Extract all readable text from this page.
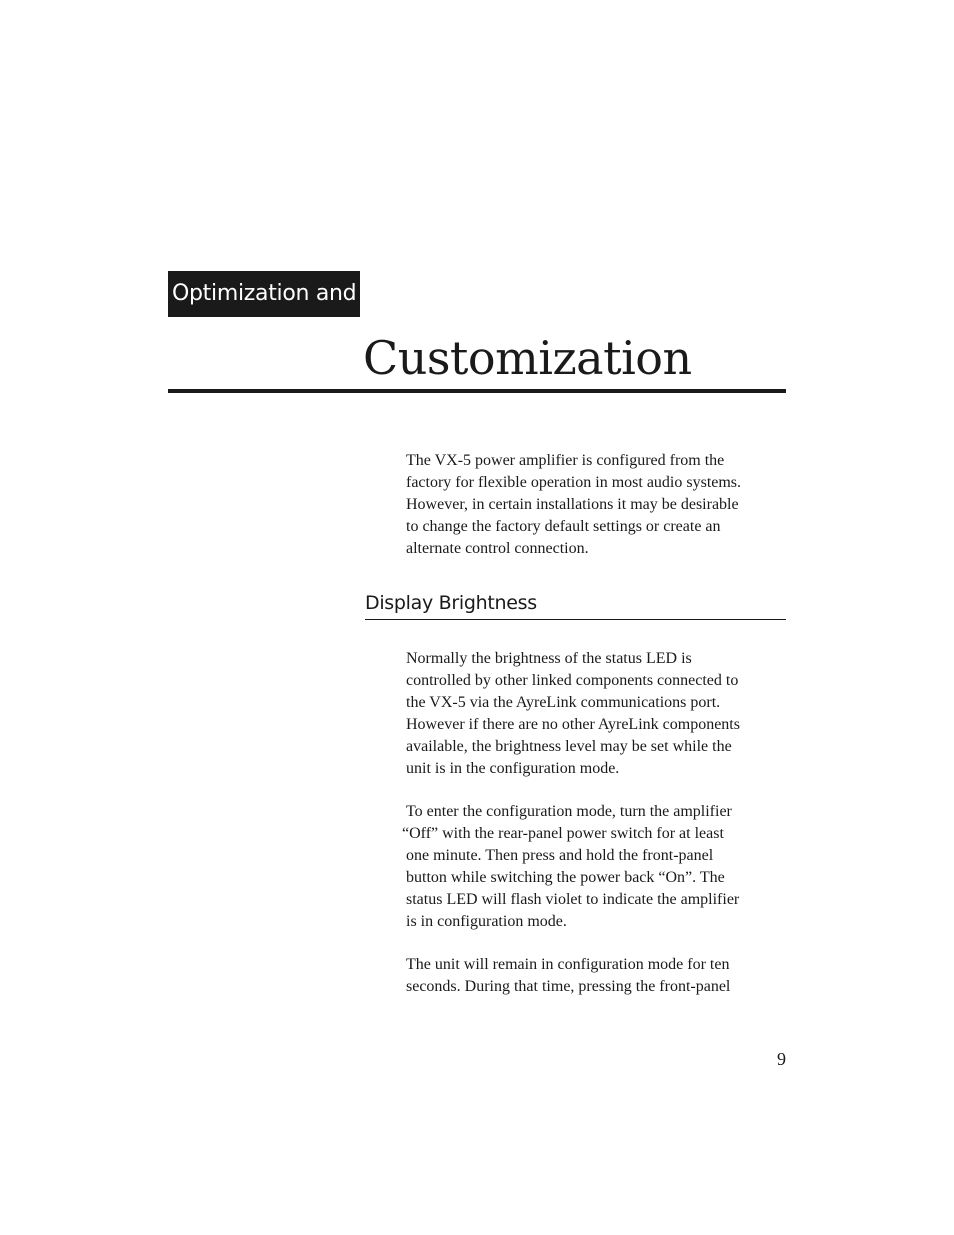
Optimization and
Customization

The VX-5 power amplifier is configured from the
factory for flexible operation in most audio systems.
However, in certain installations it may be desirable
to change the factory default settings or create an
alternate control connection.

Display Brightness

Normally the brightness of the status LED is
controlled by other linked components connected to
the VX-5 via the AyreLink communications port.
However if there are no other AyreLink components
available, the brightness level may be set while the
unit is in the configuration mode.

To enter the configuration mode, turn the amplifier
“Off” with the rear-panel power switch for at least
one minute. Then press and hold the front-panel
button while switching the power back “On”. The
status LED will flash violet to indicate the amplifier
is in configuration mode.

The unit will remain in configuration mode for ten
seconds. During that time, pressing the front-panel

9
